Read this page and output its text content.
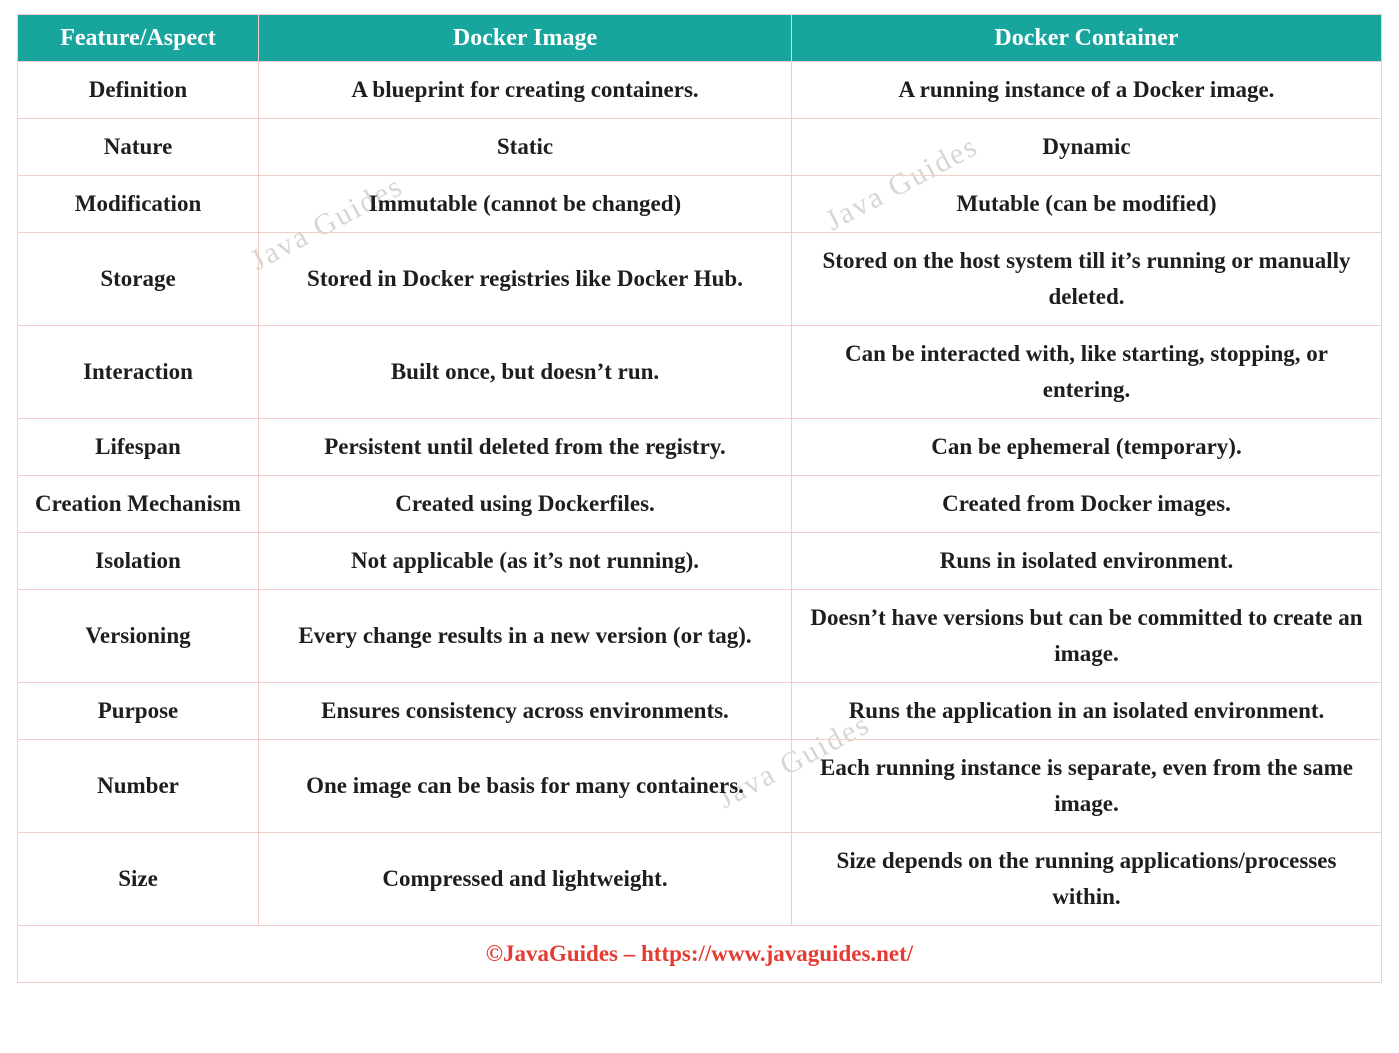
Java Guides	Java Guides
Java Guides
Feature/Aspect	Docker Image	Docker Container
Definition	A blueprint for creating containers.	A running instance of a Docker image.
Nature	Static	Dynamic
Modification	Immutable (cannot be changed)	Mutable (can be modified)
Storage	Stored in Docker registries like Docker Hub.	Stored on the host system till it’s running or manually deleted.
Interaction	Built once, but doesn’t run.	Can be interacted with, like starting, stopping, or entering.
Lifespan	Persistent until deleted from the registry.	Can be ephemeral (temporary).
Creation Mechanism	Created using Dockerfiles.	Created from Docker images.
Isolation	Not applicable (as it’s not running).	Runs in isolated environment.
Versioning	Every change results in a new version (or tag).	Doesn’t have versions but can be committed to create an image.
Purpose	Ensures consistency across environments.	Runs the application in an isolated environment.
Number	One image can be basis for many containers.	Each running instance is separate, even from the same image.
Size	Compressed and lightweight.	Size depends on the running applications/processes within.
©JavaGuides – https://www.javaguides.net/		
